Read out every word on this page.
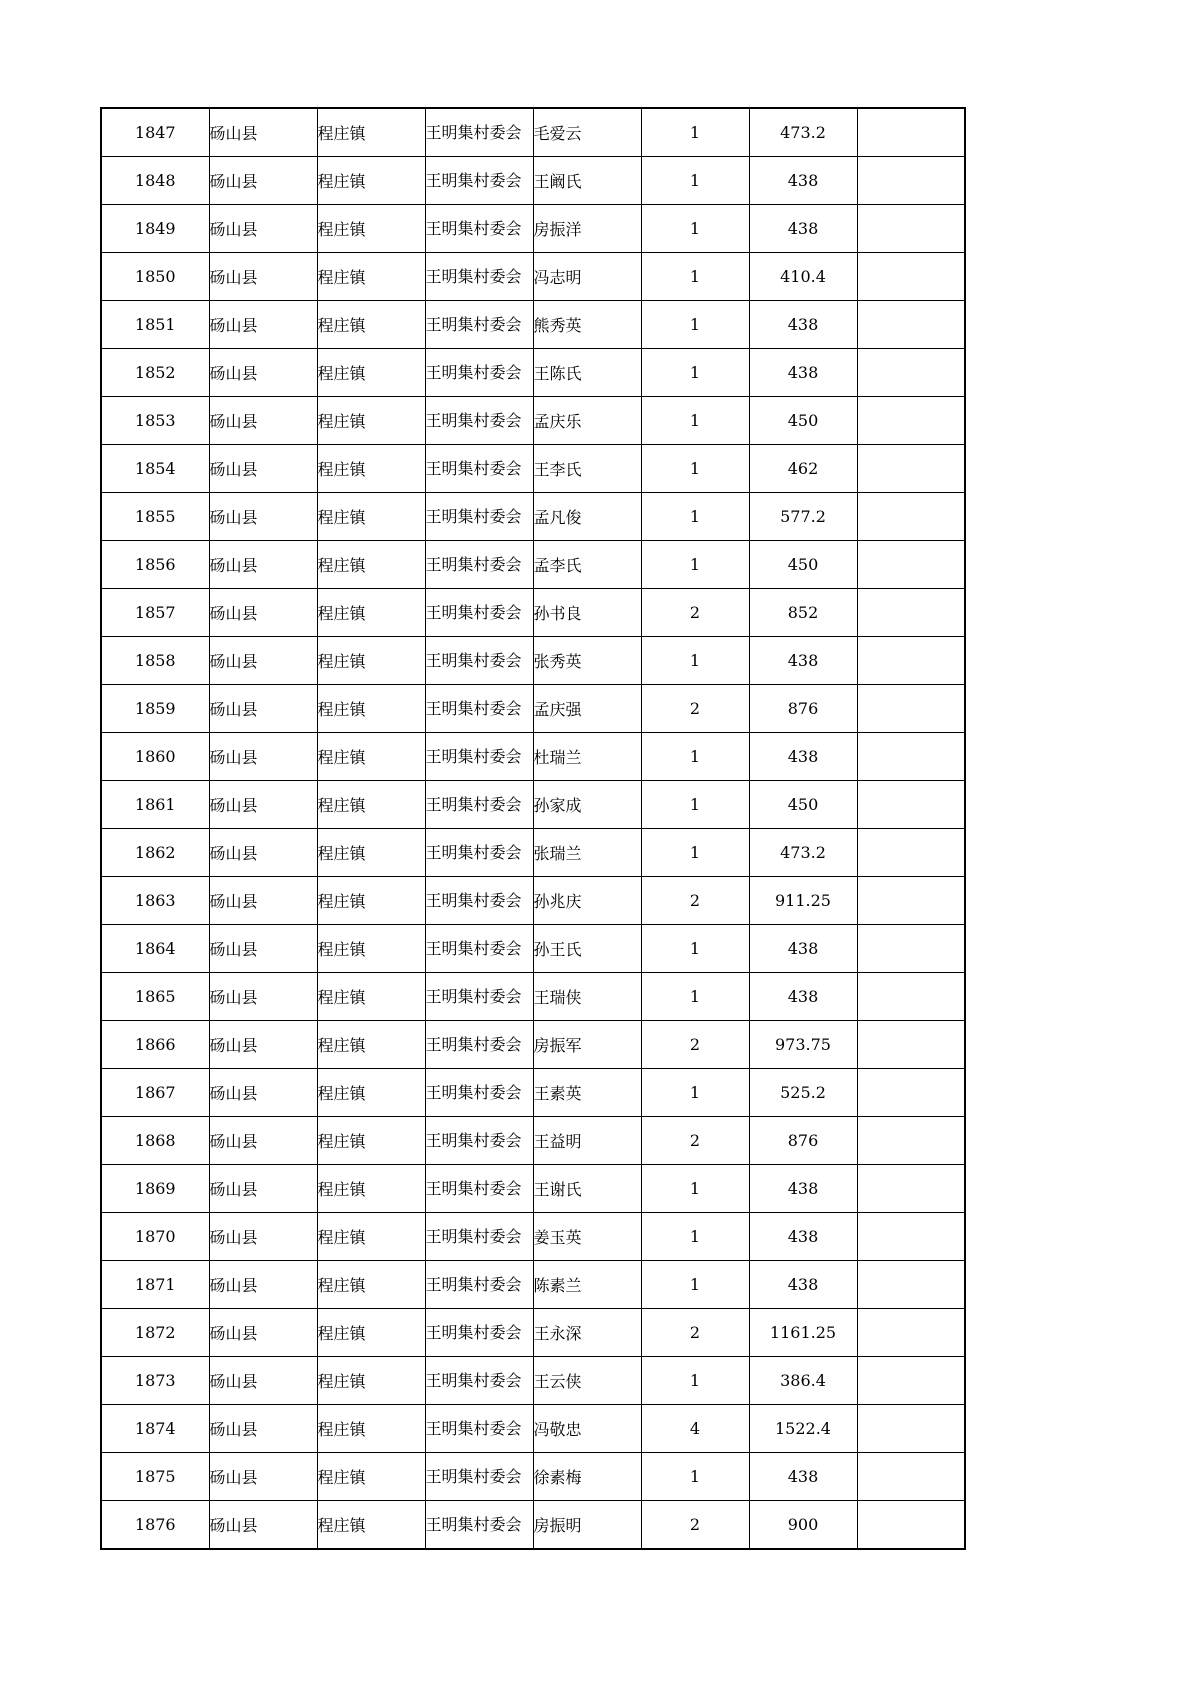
1847	砀山县	程庄镇	王明集村委会	毛爱云	1	473.2	
1848	砀山县	程庄镇	王明集村委会	王阚氏	1	438	
1849	砀山县	程庄镇	王明集村委会	房振洋	1	438	
1850	砀山县	程庄镇	王明集村委会	冯志明	1	410.4	
1851	砀山县	程庄镇	王明集村委会	熊秀英	1	438	
1852	砀山县	程庄镇	王明集村委会	王陈氏	1	438	
1853	砀山县	程庄镇	王明集村委会	孟庆乐	1	450	
1854	砀山县	程庄镇	王明集村委会	王李氏	1	462	
1855	砀山县	程庄镇	王明集村委会	孟凡俊	1	577.2	
1856	砀山县	程庄镇	王明集村委会	孟李氏	1	450	
1857	砀山县	程庄镇	王明集村委会	孙书良	2	852	
1858	砀山县	程庄镇	王明集村委会	张秀英	1	438	
1859	砀山县	程庄镇	王明集村委会	孟庆强	2	876	
1860	砀山县	程庄镇	王明集村委会	杜瑞兰	1	438	
1861	砀山县	程庄镇	王明集村委会	孙家成	1	450	
1862	砀山县	程庄镇	王明集村委会	张瑞兰	1	473.2	
1863	砀山县	程庄镇	王明集村委会	孙兆庆	2	911.25	
1864	砀山县	程庄镇	王明集村委会	孙王氏	1	438	
1865	砀山县	程庄镇	王明集村委会	王瑞侠	1	438	
1866	砀山县	程庄镇	王明集村委会	房振军	2	973.75	
1867	砀山县	程庄镇	王明集村委会	王素英	1	525.2	
1868	砀山县	程庄镇	王明集村委会	王益明	2	876	
1869	砀山县	程庄镇	王明集村委会	王谢氏	1	438	
1870	砀山县	程庄镇	王明集村委会	姜玉英	1	438	
1871	砀山县	程庄镇	王明集村委会	陈素兰	1	438	
1872	砀山县	程庄镇	王明集村委会	王永深	2	1161.25	
1873	砀山县	程庄镇	王明集村委会	王云侠	1	386.4	
1874	砀山县	程庄镇	王明集村委会	冯敬忠	4	1522.4	
1875	砀山县	程庄镇	王明集村委会	徐素梅	1	438	
1876	砀山县	程庄镇	王明集村委会	房振明	2	900	
